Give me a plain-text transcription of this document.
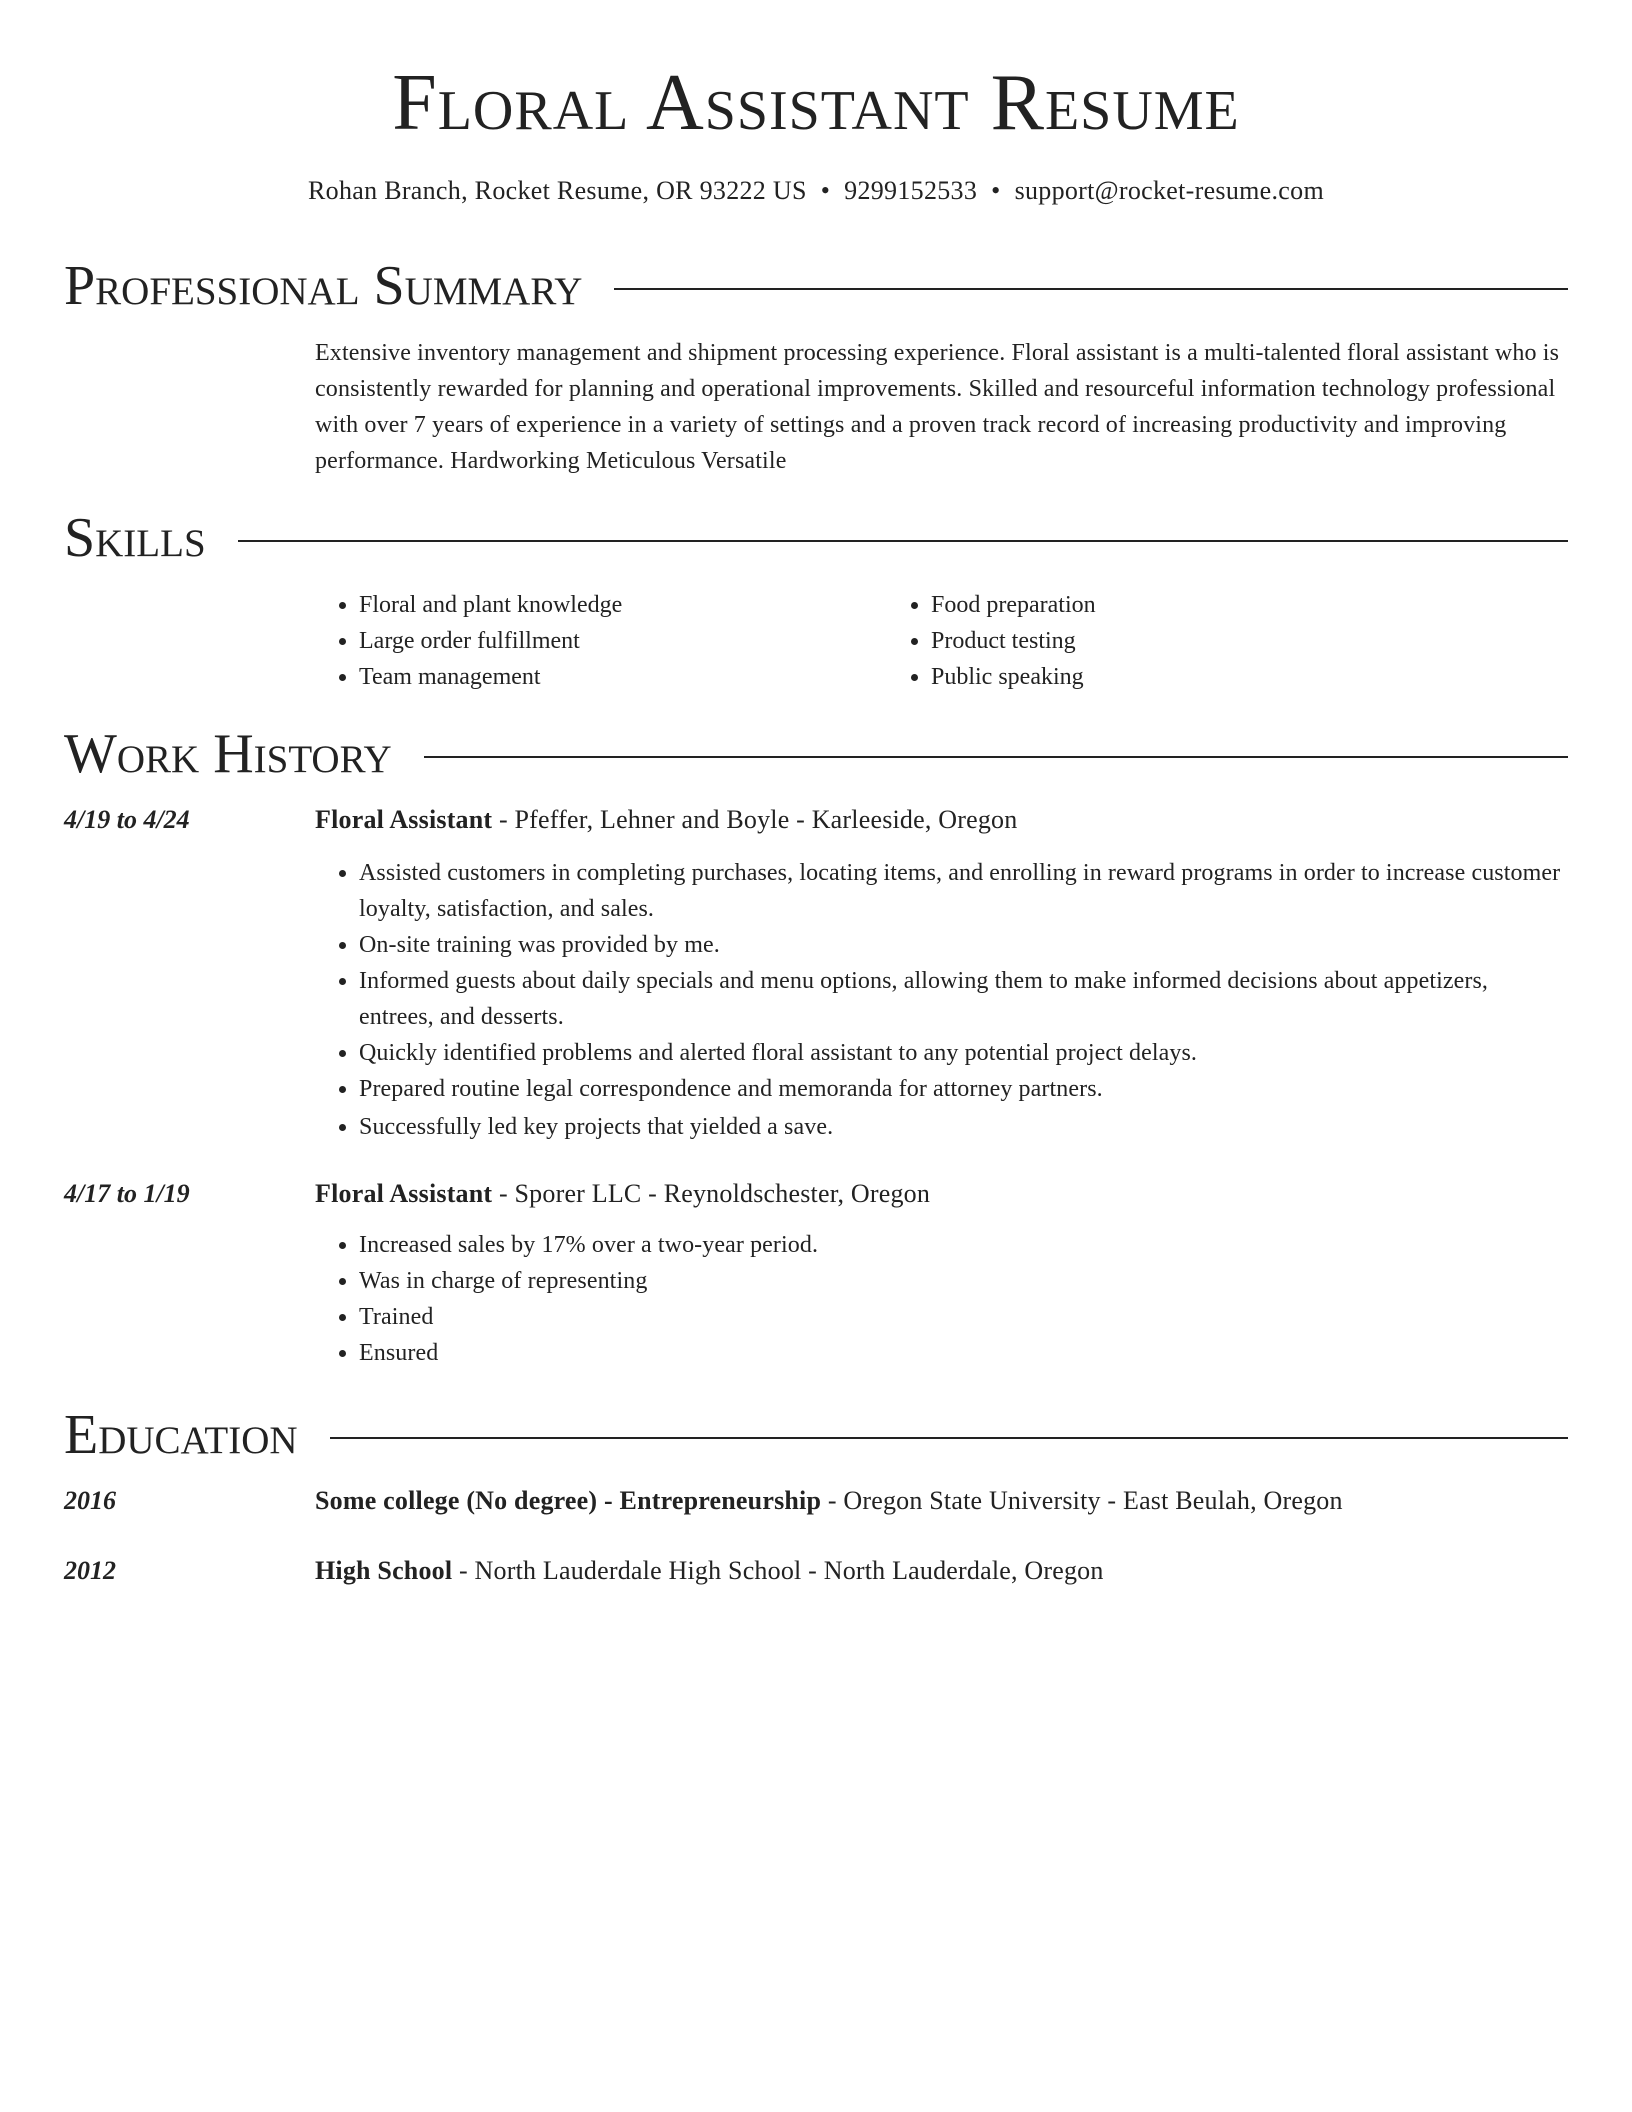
Floral Assistant Resume
Rohan Branch, Rocket Resume, OR 93222 US • 9299152533 • support@rocket-resume.com
Professional Summary

Extensive inventory management and shipment processing experience. Floral assistant is a multi-talented floral assistant who is consistently rewarded for planning and operational improvements. Skilled and resourceful information technology professional with over 7 years of experience in a variety of settings and a proven track record of increasing productivity and improving performance. Hardworking Meticulous Versatile

Skills
• Floral and plant knowledge
• Large order fulfillment
• Team management
• Food preparation
• Product testing
• Public speaking
Work History
4/19 to 4/24	Floral Assistant - Pfeffer, Lehner and Boyle - Karleeside, Oregon
• Assisted customers in completing purchases, locating items, and enrolling in reward programs in order to increase customer loyalty, satisfaction, and sales.
• On-site training was provided by me.
• Informed guests about daily specials and menu options, allowing them to make informed decisions about appetizers, entrees, and desserts.
• Quickly identified problems and alerted floral assistant to any potential project delays.
• Prepared routine legal correspondence and memoranda for attorney partners.
• Successfully led key projects that yielded a save.
4/17 to 1/19	Floral Assistant - Sporer LLC - Reynoldschester, Oregon
• Increased sales by 17% over a two-year period.
• Was in charge of representing
• Trained
• Ensured
Education
2016	Some college (No degree) - Entrepreneurship - Oregon State University - East Beulah, Oregon
2012	High School - North Lauderdale High School - North Lauderdale, Oregon
